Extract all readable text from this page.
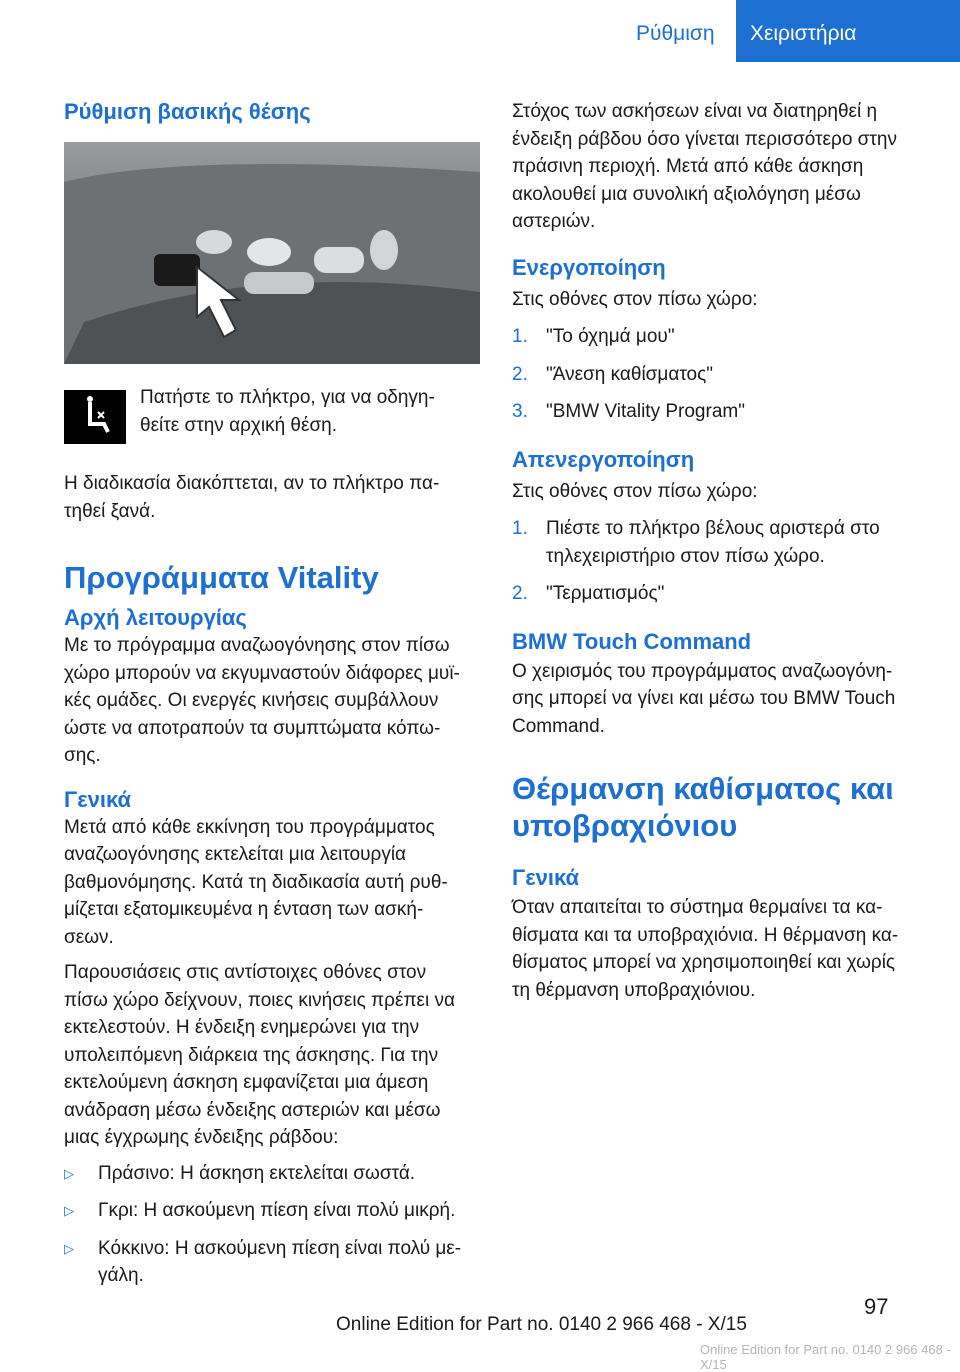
Ρύθμιση	Χειριστήρια
Ρύθμιση βασικής θέσης

Πατήστε το πλήκτρο, για να οδηγη-

θείτε στην αρχική θέση.

Η διαδικασία διακόπτεται, αν το πλήκτρο πα-

τηθεί ξανά.

Προγράμματα Vitality
Αρχή λειτουργίας

Με το πρόγραμμα αναζωογόνησης στον πίσω

χώρο μπορούν να εκγυμναστούν διάφορες μυϊ-

κές ομάδες. Οι ενεργές κινήσεις συμβάλλουν

ώστε να αποτραπούν τα συμπτώματα κόπω-

σης.

Γενικά

Μετά από κάθε εκκίνηση του προγράμματος

αναζωογόνησης εκτελείται μια λειτουργία

βαθμονόμησης. Κατά τη διαδικασία αυτή ρυθ-

μίζεται εξατομικευμένα η ένταση των ασκή-

σεων.

Παρουσιάσεις στις αντίστοιχες οθόνες στον

πίσω χώρο δείχνουν, ποιες κινήσεις πρέπει να

εκτελεστούν. Η ένδειξη ενημερώνει για την

υπολειπόμενη διάρκεια της άσκησης. Για την

εκτελούμενη άσκηση εμφανίζεται μια άμεση

ανάδραση μέσω ένδειξης αστεριών και μέσω

μιας έγχρωμης ένδειξης ράβδου:

▷ Πράσινο: Η άσκηση εκτελείται σωστά.
▷ Γκρι: Η ασκούμενη πίεση είναι πολύ μικρή.
▷ Κόκκινο: Η ασκούμενη πίεση είναι πολύ με-
γάλη.

Στόχος των ασκήσεων είναι να διατηρηθεί η

ένδειξη ράβδου όσο γίνεται περισσότερο στην

πράσινη περιοχή. Μετά από κάθε άσκηση

ακολουθεί μια συνολική αξιολόγηση μέσω

αστεριών.

Ενεργοποίηση

Στις οθόνες στον πίσω χώρο:

1. "Το όχημά μου"
2. "Άνεση καθίσματος"
3. "BMW Vitality Program"
Απενεργοποίηση

Στις οθόνες στον πίσω χώρο:

1. Πιέστε το πλήκτρο βέλους αριστερά στο
τηλεχειριστήριο στον πίσω χώρο.
2. "Τερματισμός"
BMW Touch Command

Ο χειρισμός του προγράμματος αναζωογόνη-

σης μπορεί να γίνει και μέσω του BMW Touch

Command.

Θέρμανση καθίσματος και
υποβραχιόνιου
Γενικά

Όταν απαιτείται το σύστημα θερμαίνει τα κα-

θίσματα και τα υποβραχιόνια. Η θέρμανση κα-

θίσματος μπορεί να χρησιμοποιηθεί και χωρίς

τη θέρμανση υποβραχιόνιου.

Online Edition for Part no. 0140 2 966 468 - X/15
97
Online Edition for Part no. 0140 2 966 468 - X/15
